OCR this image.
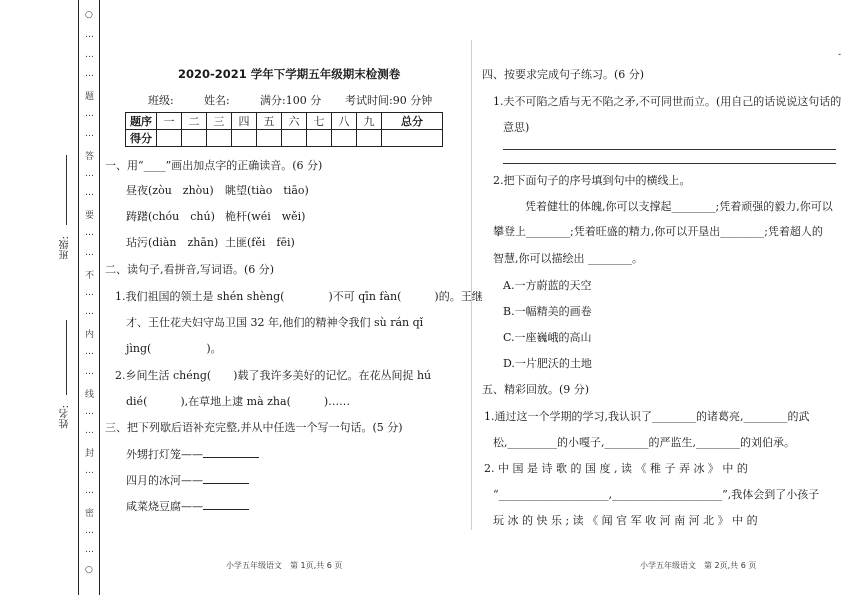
○
…
…
…
题
…
…
答
…
…
要
…
…
不
…
…
内
…
…
线
…
…
封
…
…
密
…
…
○
班级:
姓名:
2020-2021 学年下学期五年级期末检测卷
班级:	姓名:	满分:100 分 考试时间:90 分钟
题序	一	二	三	四	五	六	七	八	九	总分
得分										
一、用“____”画出加点字的正确读音。(6 分)
昼夜(zòu　zhòu) 眺望(tiào　tiāo)
踌躇(chóu　chú) 桅杆(wéi　wěi)
玷污(diàn　zhān) 土匪(fěi　fēi)
二、读句子,看拼音,写词语。(6 分)
1.我们祖国的领土是 shén shèng(　　　　)不可 qīn fàn(　　　)的。王继
才、王仕花夫妇守岛卫国 32 年,他们的精神令我们 sù rán qǐ
jìng(　　　　　)。
2.乡间生活 chéng(　　)载了我许多美好的记忆。在花丛间捉 hú
dié(　　　),在草地上逮 mà zha(　　　)……
三、把下列歇后语补充完整,并从中任选一个写一句话。(5 分)
外甥打灯笼——
四月的冰河——
咸菜烧豆腐——
小学五年级语文　第 1页,共 6 页
-
四、按要求完成句子练习。(6 分)
1.夫不可陷之盾与无不陷之矛,不可同世而立。(用自己的话说说这句话的
意思)
2.把下面句子的序号填到句中的横线上。
凭着健壮的体魄,你可以支撑起________;凭着顽强的毅力,你可以
攀登上________;凭着旺盛的精力,你可以开垦出________;凭着超人的
智慧,你可以描绘出 ________。
A.一方蔚蓝的天空
B.一幅精美的画卷
C.一座巍峨的高山
D.一片肥沃的土地
五、精彩回放。(9 分)
1.通过这一个学期的学习,我认识了________的诸葛亮,________的武
松,_________的小嘎子,________的严监生,________的刘伯承。
2. 中 国 是 诗 歌 的 国 度 , 读 《 稚 子 弄 冰 》 中 的
“____________________,____________________”,我体会到了小孩子
玩 冰 的 快 乐 ; 读 《 闻 官 军 收 河 南 河 北 》 中 的
小学五年级语文　第 2页,共 6 页
